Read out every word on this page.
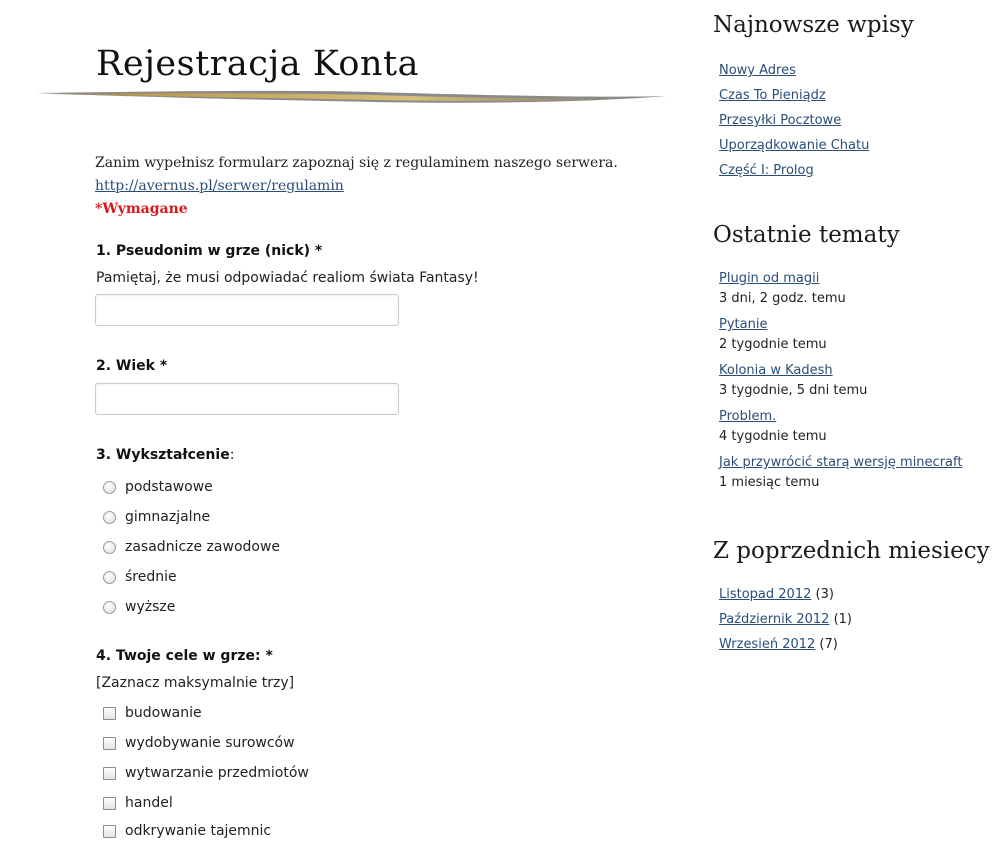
Rejestracja Konta
Zanim wypełnisz formularz zapoznaj się z regulaminem naszego serwera.
http://avernus.pl/serwer/regulamin
*Wymagane
1. Pseudonim w grze (nick) *
Pamiętaj, że musi odpowiadać realiom świata Fantasy!
2. Wiek *
3. Wykształcenie:
podstawowe
gimnazjalne
zasadnicze zawodowe
średnie
wyższe
4. Twoje cele w grze: *
[Zaznacz maksymalnie trzy]
budowanie
wydobywanie surowców
wytwarzanie przedmiotów
handel
odkrywanie tajemnic
Najnowsze wpisy
Nowy Adres
Czas To Pieniądz
Przesyłki Pocztowe
Uporządkowanie Chatu
Część I: Prolog
Ostatnie tematy
Plugin od magii
3 dni, 2 godz. temu
Pytanie
2 tygodnie temu
Kolonia w Kadesh
3 tygodnie, 5 dni temu
Problem.
4 tygodnie temu
Jak przywrócić starą wersję minecraft
1 miesiąc temu
Z poprzednich miesiecy
Listopad 2012 (3)
Październik 2012 (1)
Wrzesień 2012 (7)
